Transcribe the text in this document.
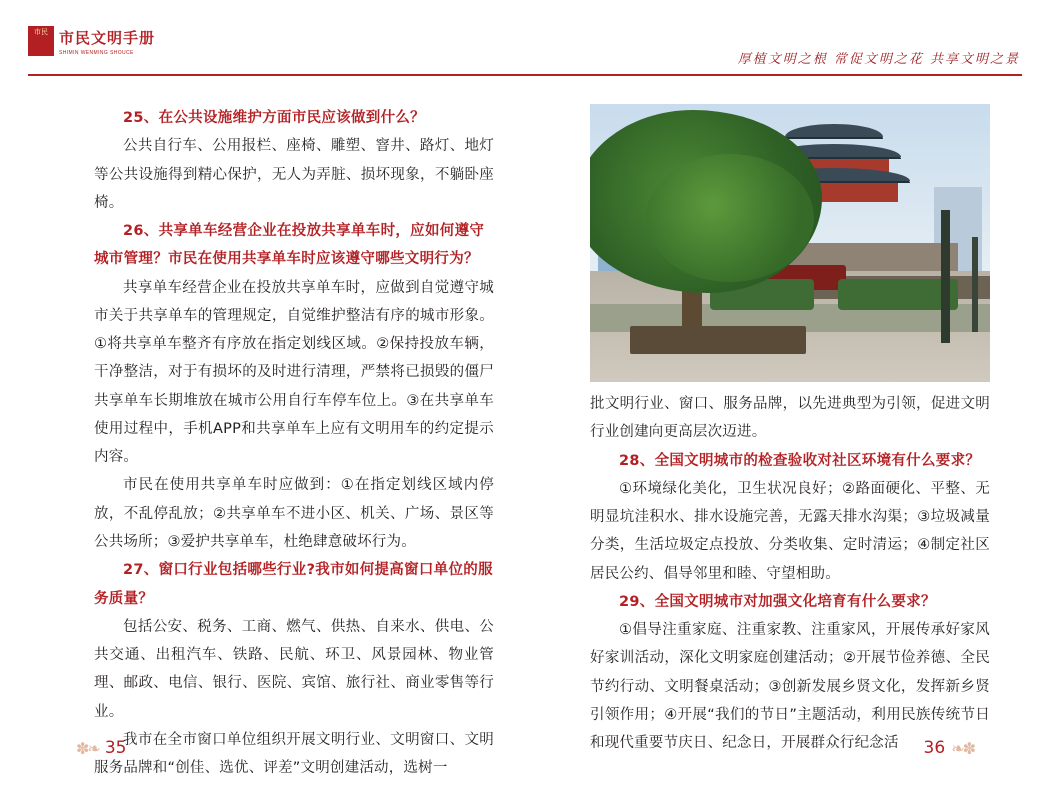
市民 市民文明手册
SHIMIN WENMING SHOUCE	厚植文明之根 常促文明之花 共享文明之景

25、在公共设施维护方面市民应该做到什么？

公共自行车、公用报栏、座椅、雕塑、窨井、路灯、地灯等公共设施得到精心保护，无人为弄脏、损坏现象，不躺卧座椅。

26、共享单车经营企业在投放共享单车时，应如何遵守城市管理？市民在使用共享单车时应该遵守哪些文明行为？

共享单车经营企业在投放共享单车时，应做到自觉遵守城市关于共享单车的管理规定，自觉维护整洁有序的城市形象。①将共享单车整齐有序放在指定划线区域。②保持投放车辆，干净整洁，对于有损坏的及时进行清理，严禁将已损毁的僵尸共享单车长期堆放在城市公用自行车停车位上。③在共享单车使用过程中，手机APP和共享单车上应有文明用车的约定提示内容。

市民在使用共享单车时应做到：①在指定划线区域内停放，不乱停乱放；②共享单车不进小区、机关、广场、景区等公共场所；③爱护共享单车，杜绝肆意破坏行为。

27、窗口行业包括哪些行业?我市如何提高窗口单位的服务质量？

包括公安、税务、工商、燃气、供热、自来水、供电、公共交通、出租汽车、铁路、民航、环卫、风景园林、物业管理、邮政、电信、银行、医院、宾馆、旅行社、商业零售等行业。

我市在全市窗口单位组织开展文明行业、文明窗口、文明服务品牌和“创佳、选优、评差”文明创建活动，选树一

批文明行业、窗口、服务品牌，以先进典型为引领，促进文明行业创建向更高层次迈进。

28、全国文明城市的检查验收对社区环境有什么要求？

①环境绿化美化，卫生状况良好；②路面硬化、平整、无明显坑洼积水、排水设施完善，无露天排水沟渠；③垃圾减量分类，生活垃圾定点投放、分类收集、定时清运；④制定社区居民公约、倡导邻里和睦、守望相助。

29、全国文明城市对加强文化培育有什么要求？

①倡导注重家庭、注重家教、注重家风，开展传承好家风好家训活动，深化文明家庭创建活动；②开展节俭养德、全民节约行动、文明餐桌活动；③创新发展乡贤文化，发挥新乡贤引领作用；④开展“我们的节日”主题活动，利用民族传统节日和现代重要节庆日、纪念日，开展群众行纪念活

✽❧ 35	36 ❧✽
